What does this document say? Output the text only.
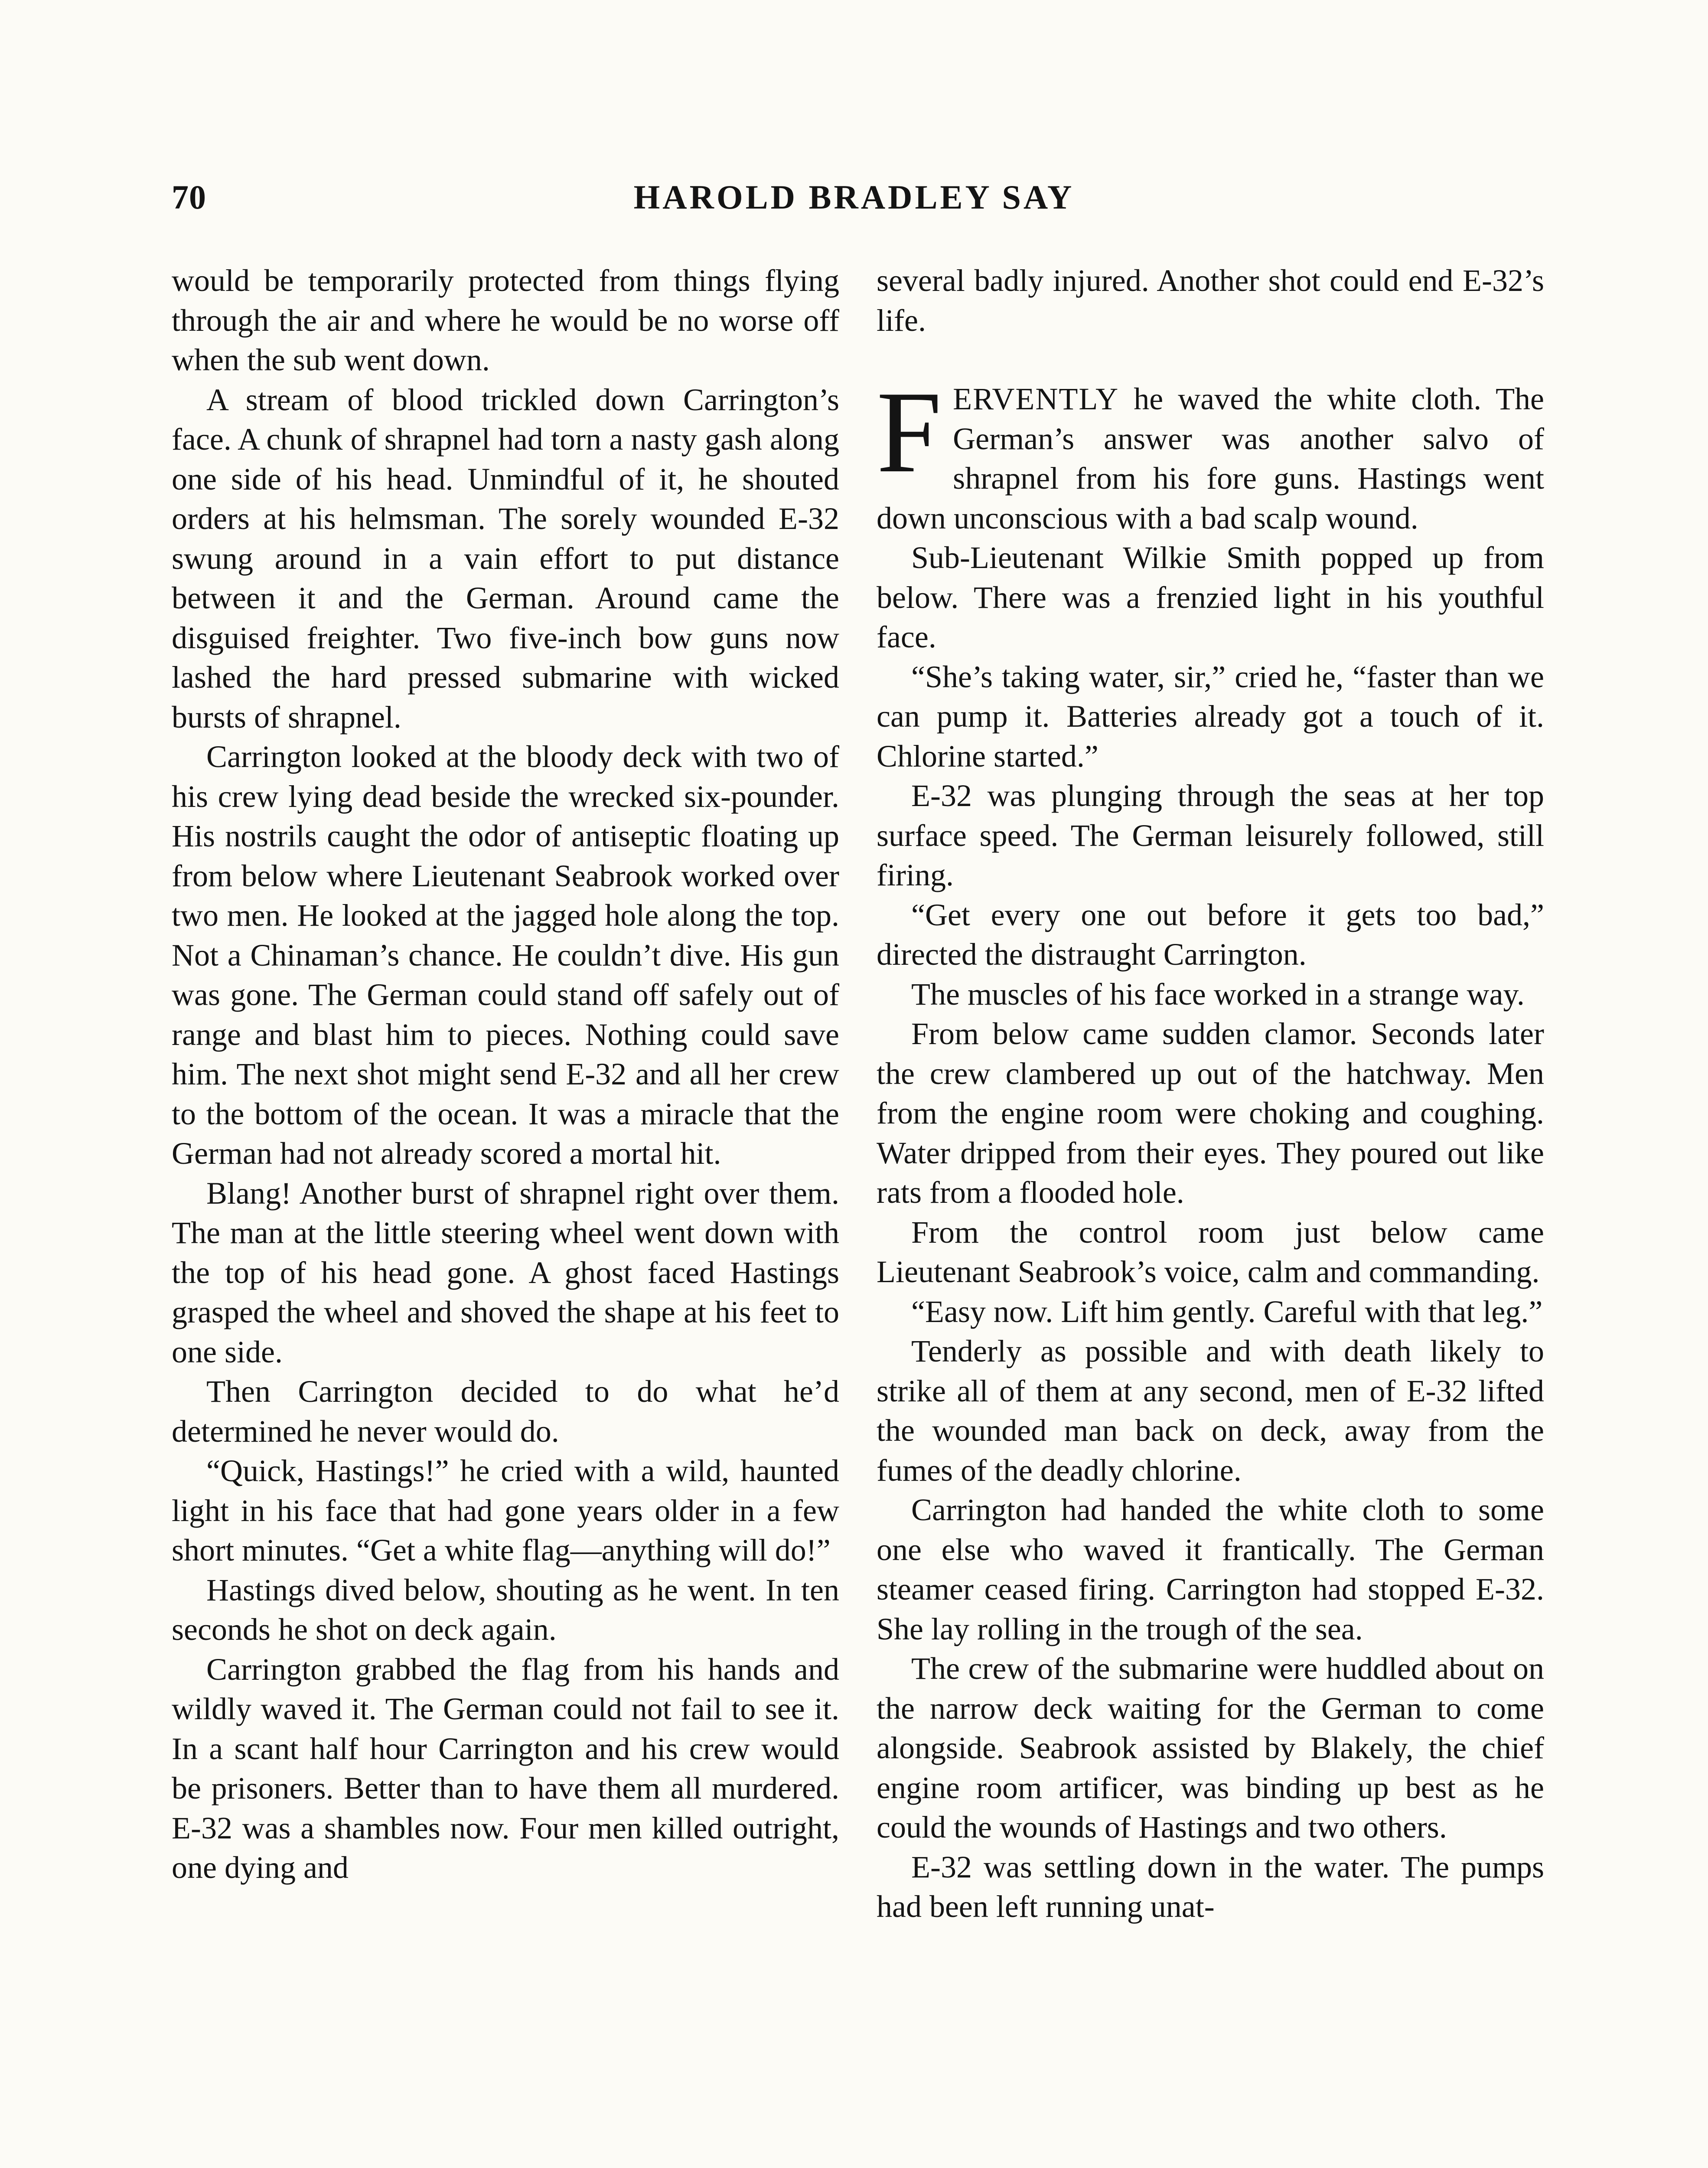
70	HAROLD BRADLEY SAY

would be temporarily protected from things flying through the air and where he would be no worse off when the sub went down.

A stream of blood trickled down Carrington’s face. A chunk of shrapnel had torn a nasty gash along one side of his head. Unmindful of it, he shouted orders at his helmsman. The sorely wounded E-32 swung around in a vain effort to put distance between it and the German. Around came the disguised freighter. Two five-inch bow guns now lashed the hard pressed submarine with wicked bursts of shrapnel.

Carrington looked at the bloody deck with two of his crew lying dead beside the wrecked six-pounder. His nostrils caught the odor of antiseptic floating up from below where Lieutenant Seabrook worked over two men. He looked at the jagged hole along the top. Not a Chinaman’s chance. He couldn’t dive. His gun was gone. The German could stand off safely out of range and blast him to pieces. Nothing could save him. The next shot might send E-32 and all her crew to the bottom of the ocean. It was a miracle that the German had not already scored a mortal hit.

Blang! Another burst of shrapnel right over them. The man at the little steering wheel went down with the top of his head gone. A ghost faced Hastings grasped the wheel and shoved the shape at his feet to one side.

Then Carrington decided to do what he’d determined he never would do.

“Quick, Hastings!” he cried with a wild, haunted light in his face that had gone years older in a few short minutes. “Get a white flag—anything will do!”

Hastings dived below, shouting as he went. In ten seconds he shot on deck again.

Carrington grabbed the flag from his hands and wildly waved it. The German could not fail to see it. In a scant half hour Carrington and his crew would be prisoners. Better than to have them all murdered. E-32 was a shambles now. Four men killed outright, one dying and

several badly injured. Another shot could end E-32’s life.

FERVENTLY he waved the white cloth. The German’s answer was another salvo of shrapnel from his fore guns. Hastings went down unconscious with a bad scalp wound.

Sub-Lieutenant Wilkie Smith popped up from below. There was a frenzied light in his youthful face.

“She’s taking water, sir,” cried he, “faster than we can pump it. Batteries already got a touch of it. Chlorine started.”

E-32 was plunging through the seas at her top surface speed. The German leisurely followed, still firing.

“Get every one out before it gets too bad,” directed the distraught Carrington.

The muscles of his face worked in a strange way.

From below came sudden clamor. Seconds later the crew clambered up out of the hatchway. Men from the engine room were choking and coughing. Water dripped from their eyes. They poured out like rats from a flooded hole.

From the control room just below came Lieutenant Seabrook’s voice, calm and commanding.

“Easy now. Lift him gently. Careful with that leg.”

Tenderly as possible and with death likely to strike all of them at any second, men of E-32 lifted the wounded man back on deck, away from the fumes of the deadly chlorine.

Carrington had handed the white cloth to some one else who waved it frantically. The German steamer ceased firing. Carrington had stopped E-32. She lay rolling in the trough of the sea.

The crew of the submarine were huddled about on the narrow deck waiting for the German to come alongside. Seabrook assisted by Blakely, the chief engine room artificer, was binding up best as he could the wounds of Hastings and two others.

E-32 was settling down in the water. The pumps had been left running unat-
